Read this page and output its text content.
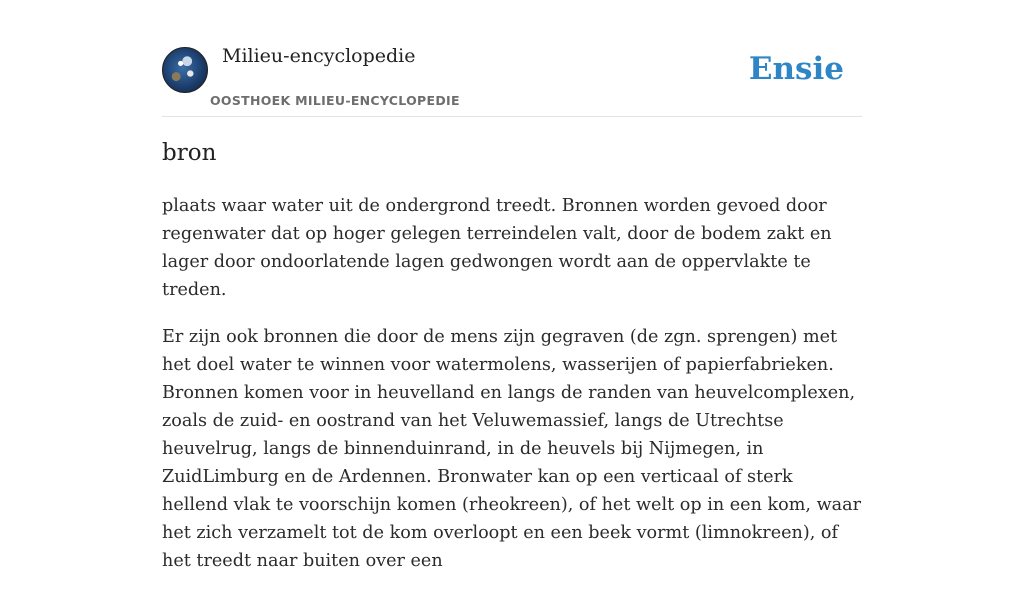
Milieu-encyclopedie
OOSTHOEK MILIEU-ENCYCLOPEDIE
Ensie
bron

plaats waar water uit de ondergrond treedt. Bronnen worden gevoed door regenwater dat op hoger gelegen terreindelen valt, door de bodem zakt en lager door ondoorlatende lagen gedwongen wordt aan de oppervlakte te treden.

Er zijn ook bronnen die door de mens zijn gegraven (de zgn. sprengen) met het doel water te winnen voor watermolens, wasserijen of papierfabrieken. Bronnen komen voor in heuvelland en langs de randen van heuvelcomplexen, zoals de zuid- en oostrand van het Veluwemassief, langs de Utrechtse heuvelrug, langs de binnenduinrand, in de heuvels bij Nijmegen, in ZuidLimburg en de Ardennen. Bronwater kan op een verticaal of sterk hellend vlak te voorschijn komen (rheokreen), of het welt op in een kom, waar het zich verzamelt tot de kom overloopt en een beek vormt (limnokreen), of het treedt naar buiten over een
